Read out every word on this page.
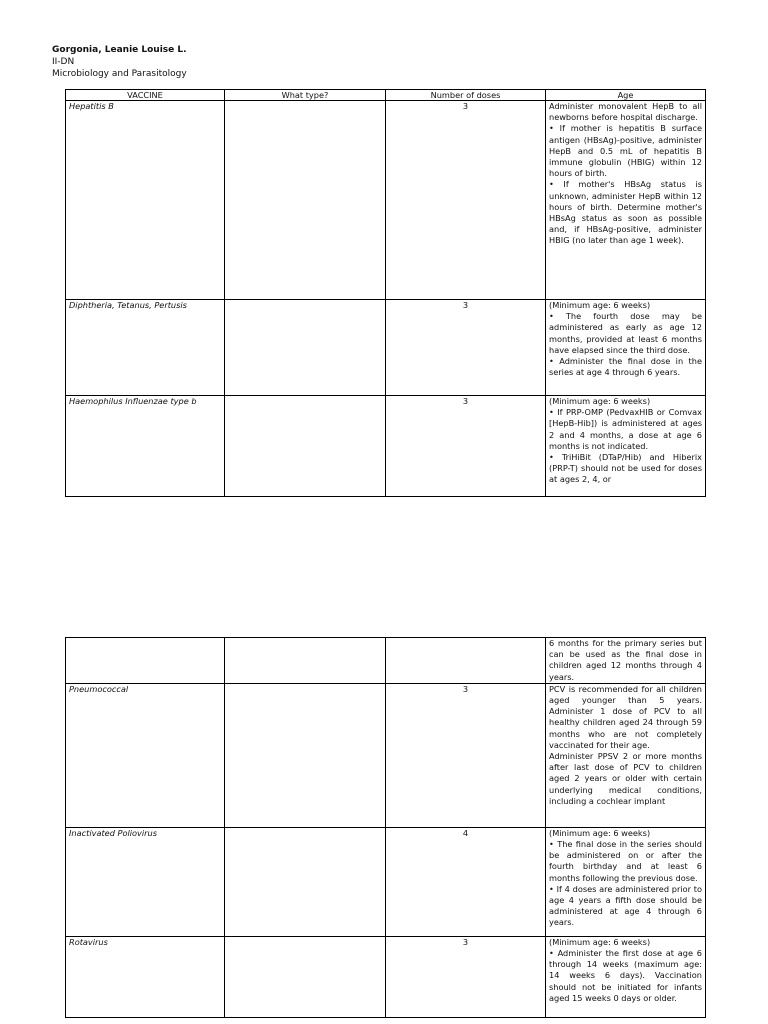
Gorgonia, Leanie Louise L.
II-DN
Microbiology and Parasitology
VACCINE	What type?	Number of doses	Age
Hepatitis B		3	Administer monovalent HepB to all newborns before hospital discharge.
• If mother is hepatitis B surface antigen (HBsAg)-positive, administer HepB and 0.5 mL of hepatitis B immune globulin (HBIG) within 12 hours of birth.
• If mother's HBsAg status is unknown, administer HepB within 12 hours of birth. Determine mother's HBsAg status as soon as possible and, if HBsAg-positive, administer HBIG (no later than age 1 week).
Diphtheria, Tetanus, Pertusis		3	(Minimum age: 6 weeks)
• The fourth dose may be administered as early as age 12 months, provided at least 6 months have elapsed since the third dose.
• Administer the final dose in the series at age 4 through 6 years.
Haemophilus Influenzae type b		3	(Minimum age: 6 weeks)
• If PRP-OMP (PedvaxHIB or Comvax [HepB-Hib]) is administered at ages 2 and 4 months, a dose at age 6 months is not indicated.
• TriHiBit (DTaP/Hib) and Hiberix (PRP-T) should not be used for doses at ages 2, 4, or
			6 months for the primary series but can be used as the final dose in children aged 12 months through 4 years.
Pneumococcal		3	PCV is recommended for all children aged younger than 5 years. Administer 1 dose of PCV to all healthy children aged 24 through 59 months who are not completely vaccinated for their age.
Administer PPSV 2 or more months after last dose of PCV to children aged 2 years or older with certain underlying medical conditions, including a cochlear implant
Inactivated Poliovirus		4	(Minimum age: 6 weeks)
• The final dose in the series should be administered on or after the fourth birthday and at least 6 months following the previous dose.
• If 4 doses are administered prior to age 4 years a fifth dose should be administered at age 4 through 6 years.
Rotavirus		3	(Minimum age: 6 weeks)
• Administer the first dose at age 6 through 14 weeks (maximum age: 14 weeks 6 days). Vaccination should not be initiated for infants aged 15 weeks 0 days or older.
